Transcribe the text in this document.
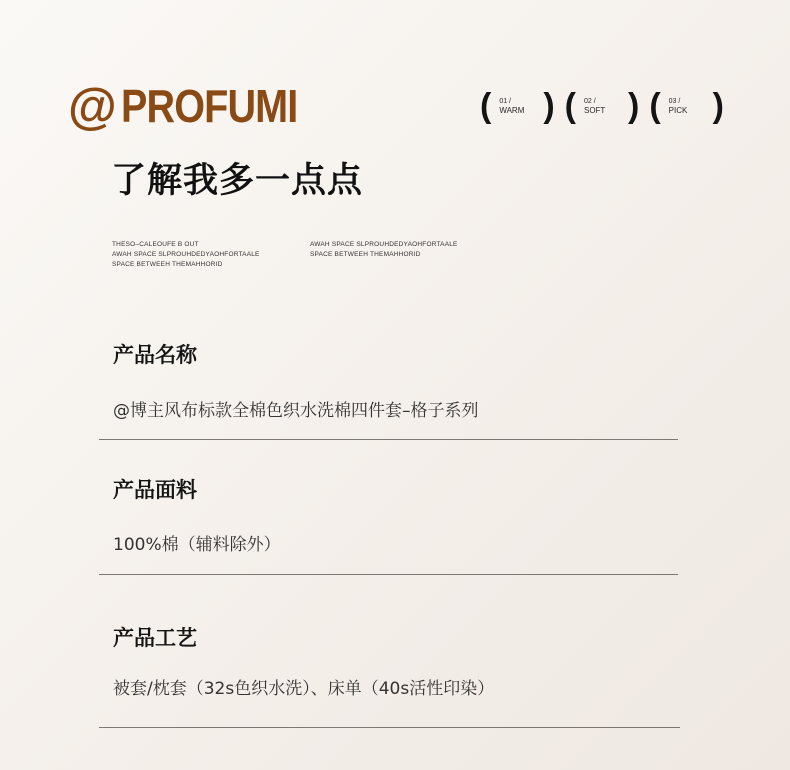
@ PROFUMI	( 01 /
WARM ) ( 02 /
SOFT ) ( 03 /
PICK )
了解我多一点点
THESO–CALEOUFE B OUT
AWAH SPACE SLPROUHDEDYAOHFORTAALE
SPACE BETWEEH THEMAHHORID
AWAH SPACE SLPROUHDEDYAOHFORTAALE
SPACE BETWEEH THEMAHHORID
产品名称
@博主风布标款全棉色织水洗棉四件套–格子系列
产品面料
100%棉（辅料除外）
产品工艺
被套/枕套（32s色织水洗）、床单（40s活性印染）
